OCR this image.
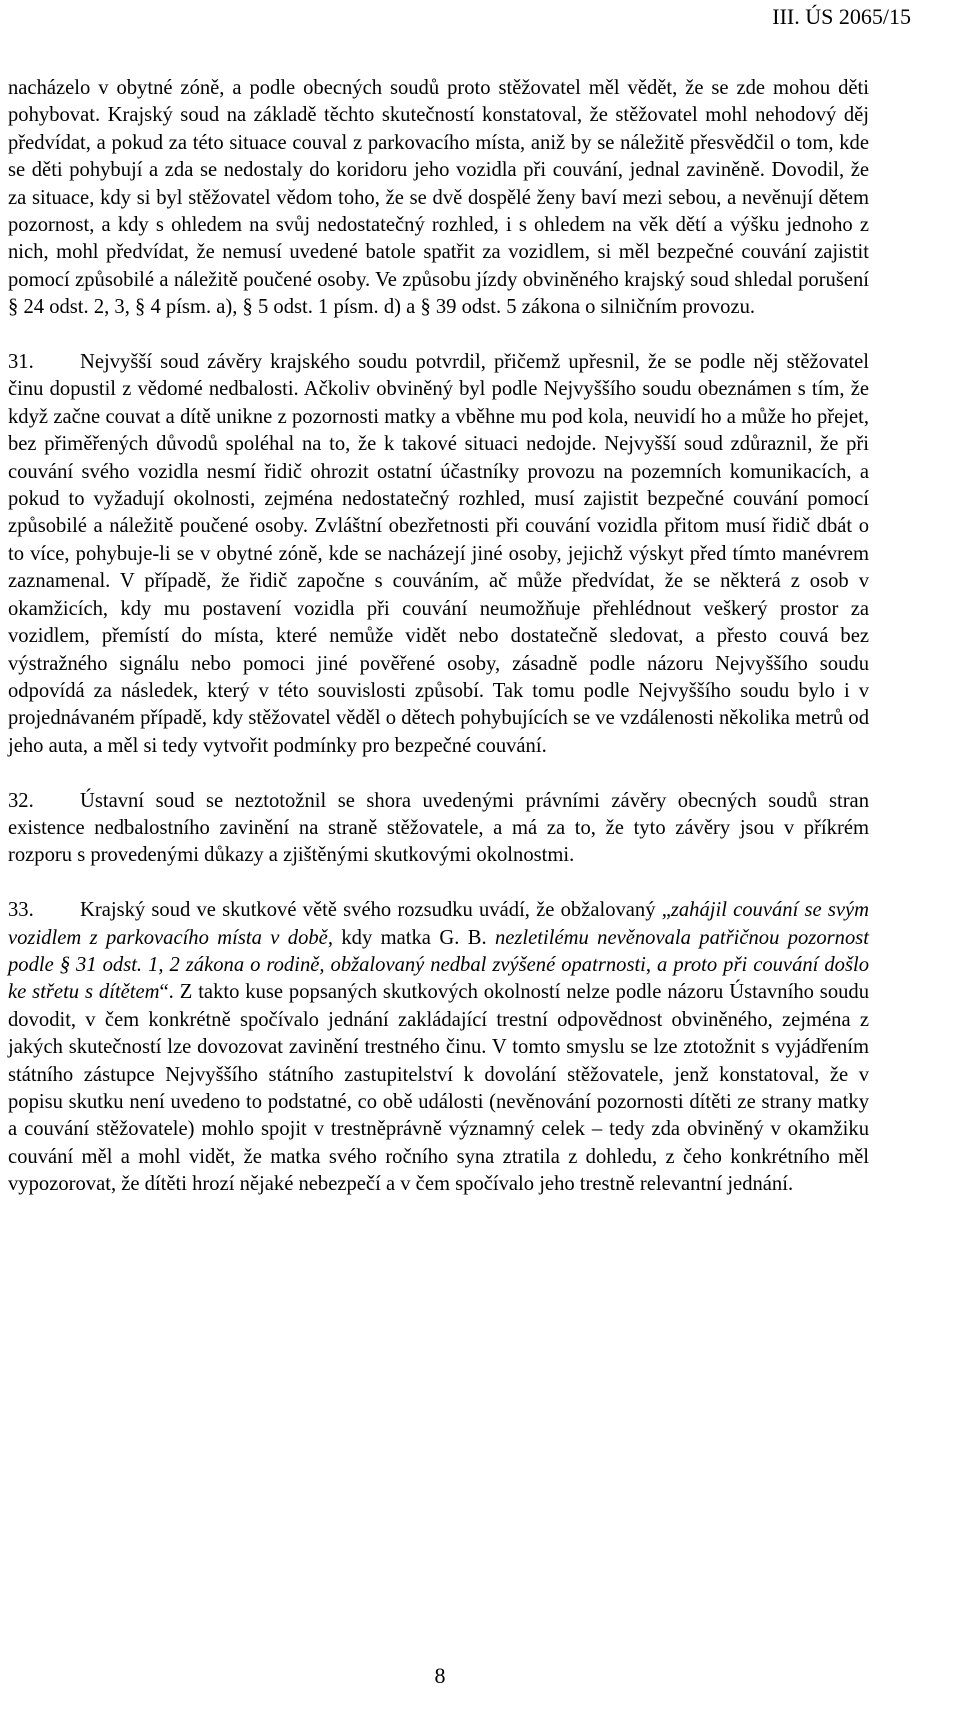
III. ÚS 2065/15

nacházelo v obytné zóně, a podle obecných soudů proto stěžovatel měl vědět, že se zde mohou děti pohybovat. Krajský soud na základě těchto skutečností konstatoval, že stěžovatel mohl nehodový děj předvídat, a pokud za této situace couval z parkovacího místa, aniž by se náležitě přesvědčil o tom, kde se děti pohybují a zda se nedostaly do koridoru jeho vozidla při couvání, jednal zaviněně. Dovodil, že za situace, kdy si byl stěžovatel vědom toho, že se dvě dospělé ženy baví mezi sebou, a nevěnují dětem pozornost, a kdy s ohledem na svůj nedostatečný rozhled, i s ohledem na věk dětí a výšku jednoho z nich, mohl předvídat, že nemusí uvedené batole spatřit za vozidlem, si měl bezpečné couvání zajistit pomocí způsobilé a náležitě poučené osoby. Ve způsobu jízdy obviněného krajský soud shledal porušení § 24 odst. 2, 3, § 4 písm. a), § 5 odst. 1 písm. d) a § 39 odst. 5 zákona o silničním provozu.

31. Nejvyšší soud závěry krajského soudu potvrdil, přičemž upřesnil, že se podle něj stěžovatel činu dopustil z vědomé nedbalosti. Ačkoliv obviněný byl podle Nejvyššího soudu obeznámen s tím, že když začne couvat a dítě unikne z pozornosti matky a vběhne mu pod kola, neuvidí ho a může ho přejet, bez přiměřených důvodů spoléhal na to, že k takové situaci nedojde. Nejvyšší soud zdůraznil, že při couvání svého vozidla nesmí řidič ohrozit ostatní účastníky provozu na pozemních komunikacích, a pokud to vyžadují okolnosti, zejména nedostatečný rozhled, musí zajistit bezpečné couvání pomocí způsobilé a náležitě poučené osoby. Zvláštní obezřetnosti při couvání vozidla přitom musí řidič dbát o to více, pohybuje-li se v obytné zóně, kde se nacházejí jiné osoby, jejichž výskyt před tímto manévrem zaznamenal. V případě, že řidič započne s couváním, ač může předvídat, že se některá z osob v okamžicích, kdy mu postavení vozidla při couvání neumožňuje přehlédnout veškerý prostor za vozidlem, přemístí do místa, které nemůže vidět nebo dostatečně sledovat, a přesto couvá bez výstražného signálu nebo pomoci jiné pověřené osoby, zásadně podle názoru Nejvyššího soudu odpovídá za následek, který v této souvislosti způsobí. Tak tomu podle Nejvyššího soudu bylo i v projednávaném případě, kdy stěžovatel věděl o dětech pohybujících se ve vzdálenosti několika metrů od jeho auta, a měl si tedy vytvořit podmínky pro bezpečné couvání.

32. Ústavní soud se neztotožnil se shora uvedenými právními závěry obecných soudů stran existence nedbalostního zavinění na straně stěžovatele, a má za to, že tyto závěry jsou v příkrém rozporu s provedenými důkazy a zjištěnými skutkovými okolnostmi.

33. Krajský soud ve skutkové větě svého rozsudku uvádí, že obžalovaný „zahájil couvání se svým vozidlem z parkovacího místa v době, kdy matka G. B. nezletilému nevěnovala patřičnou pozornost podle § 31 odst. 1, 2 zákona o rodině, obžalovaný nedbal zvýšené opatrnosti, a proto při couvání došlo ke střetu s dítětem“. Z takto kuse popsaných skutkových okolností nelze podle názoru Ústavního soudu dovodit, v čem konkrétně spočívalo jednání zakládající trestní odpovědnost obviněného, zejména z jakých skutečností lze dovozovat zavinění trestného činu. V tomto smyslu se lze ztotožnit s vyjádřením státního zástupce Nejvyššího státního zastupitelství k dovolání stěžovatele, jenž konstatoval, že v popisu skutku není uvedeno to podstatné, co obě události (nevěnování pozornosti dítěti ze strany matky a couvání stěžovatele) mohlo spojit v trestněprávně významný celek – tedy zda obviněný v okamžiku couvání měl a mohl vidět, že matka svého ročního syna ztratila z dohledu, z čeho konkrétního měl vypozorovat, že dítěti hrozí nějaké nebezpečí a v čem spočívalo jeho trestně relevantní jednání.

8
